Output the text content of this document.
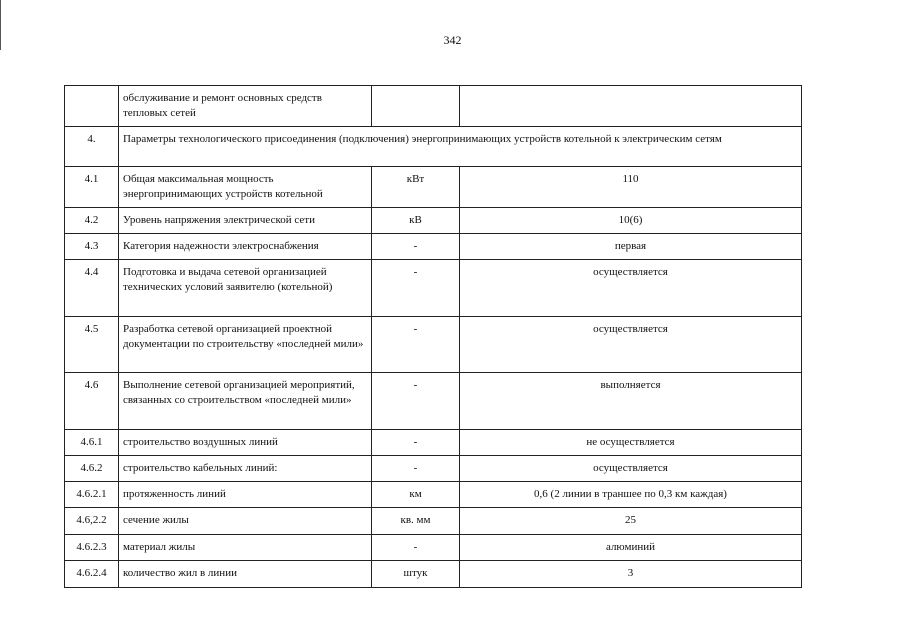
342
	обслуживание и ремонт основных средств тепловых сетей		
4.	Параметры технологического присоединения (подключения) энергопринимающих устройств котельной к электрическим сетям		
4.1	Общая максимальная мощность энергопринимающих устройств котельной	кВт	110
4.2	Уровень напряжения электрической сети	кВ	10(6)
4.3	Категория надежности электроснабжения	-	первая
4.4	Подготовка и выдача сетевой организацией технических условий заявителю (котельной)	-	осуществляется
4.5	Разработка сетевой организацией проектной документации по строительству «последней мили»	-	осуществляется
4.6	Выполнение сетевой организацией мероприятий, связанных со строительством «последней мили»	-	выполняется
4.6.1	строительство воздушных линий	-	не осуществляется
4.6.2	строительство кабельных линий:	-	осуществляется
4.6.2.1	протяженность линий	км	0,6 (2 линии в траншее по 0,3 км каждая)
4.6,2.2	сечение жилы	кв. мм	25
4.6.2.3	материал жилы	-	алюминий
4.6.2.4	количество жил в линии	штук	3
